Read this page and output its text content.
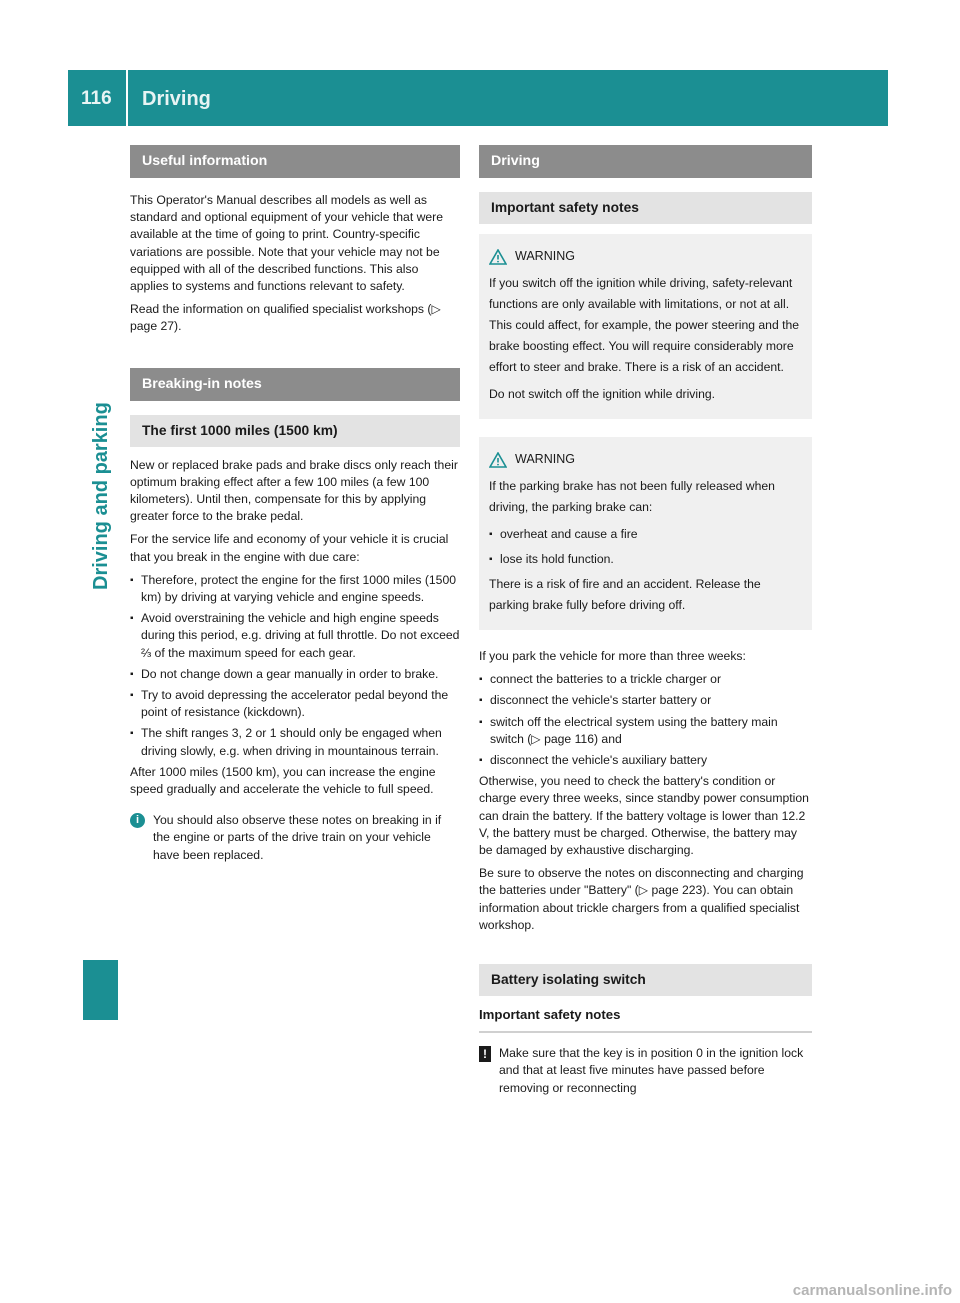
116 Driving
Driving and parking
Useful information

This Operator's Manual describes all models as well as standard and optional equipment of your vehicle that were available at the time of going to print. Country-specific variations are possible. Note that your vehicle may not be equipped with all of the described functions. This also applies to systems and functions relevant to safety.

Read the information on qualified specialist workshops (▷ page 27).

Breaking-in notes
The first 1000 miles (1500 km)

New or replaced brake pads and brake discs only reach their optimum braking effect after a few 100 miles (a few 100 kilometers). Until then, compensate for this by applying greater force to the brake pedal.

For the service life and economy of your vehicle it is crucial that you break in the engine with due care:

▪ Therefore, protect the engine for the first 1000 miles (1500 km) by driving at varying vehicle and engine speeds.
▪ Avoid overstraining the vehicle and high engine speeds during this period, e.g. driving at full throttle. Do not exceed ⅔ of the maximum speed for each gear.
▪ Do not change down a gear manually in order to brake.
▪ Try to avoid depressing the accelerator pedal beyond the point of resistance (kickdown).
▪ The shift ranges 3, 2 or 1 should only be engaged when driving slowly, e.g. when driving in mountainous terrain.

After 1000 miles (1500 km), you can increase the engine speed gradually and accelerate the vehicle to full speed.

i	You should also observe these notes on breaking in if the engine or parts of the drive train on your vehicle have been replaced.
Driving
Important safety notes
WARNING

If you switch off the ignition while driving, safety-relevant functions are only available with limitations, or not at all. This could affect, for example, the power steering and the brake boosting effect. You will require considerably more effort to steer and brake. There is a risk of an accident.

Do not switch off the ignition while driving.

WARNING

If the parking brake has not been fully released when driving, the parking brake can:

▪ overheat and cause a fire
▪ lose its hold function.

There is a risk of fire and an accident. Release the parking brake fully before driving off.

If you park the vehicle for more than three weeks:

▪ connect the batteries to a trickle charger or
▪ disconnect the vehicle's starter battery or
▪ switch off the electrical system using the battery main switch (▷ page 116) and
▪ disconnect the vehicle's auxiliary battery

Otherwise, you need to check the battery's condition or charge every three weeks, since standby power consumption can drain the battery. If the battery voltage is lower than 12.2 V, the battery must be charged. Otherwise, the battery may be damaged by exhaustive discharging.

Be sure to observe the notes on disconnecting and charging the batteries under "Battery" (▷ page 223). You can obtain information about trickle chargers from a qualified specialist workshop.

Battery isolating switch
Important safety notes
! Make sure that the key is in position 0 in the ignition lock and that at least five minutes have passed before removing or reconnecting
carmanualsonline.info
